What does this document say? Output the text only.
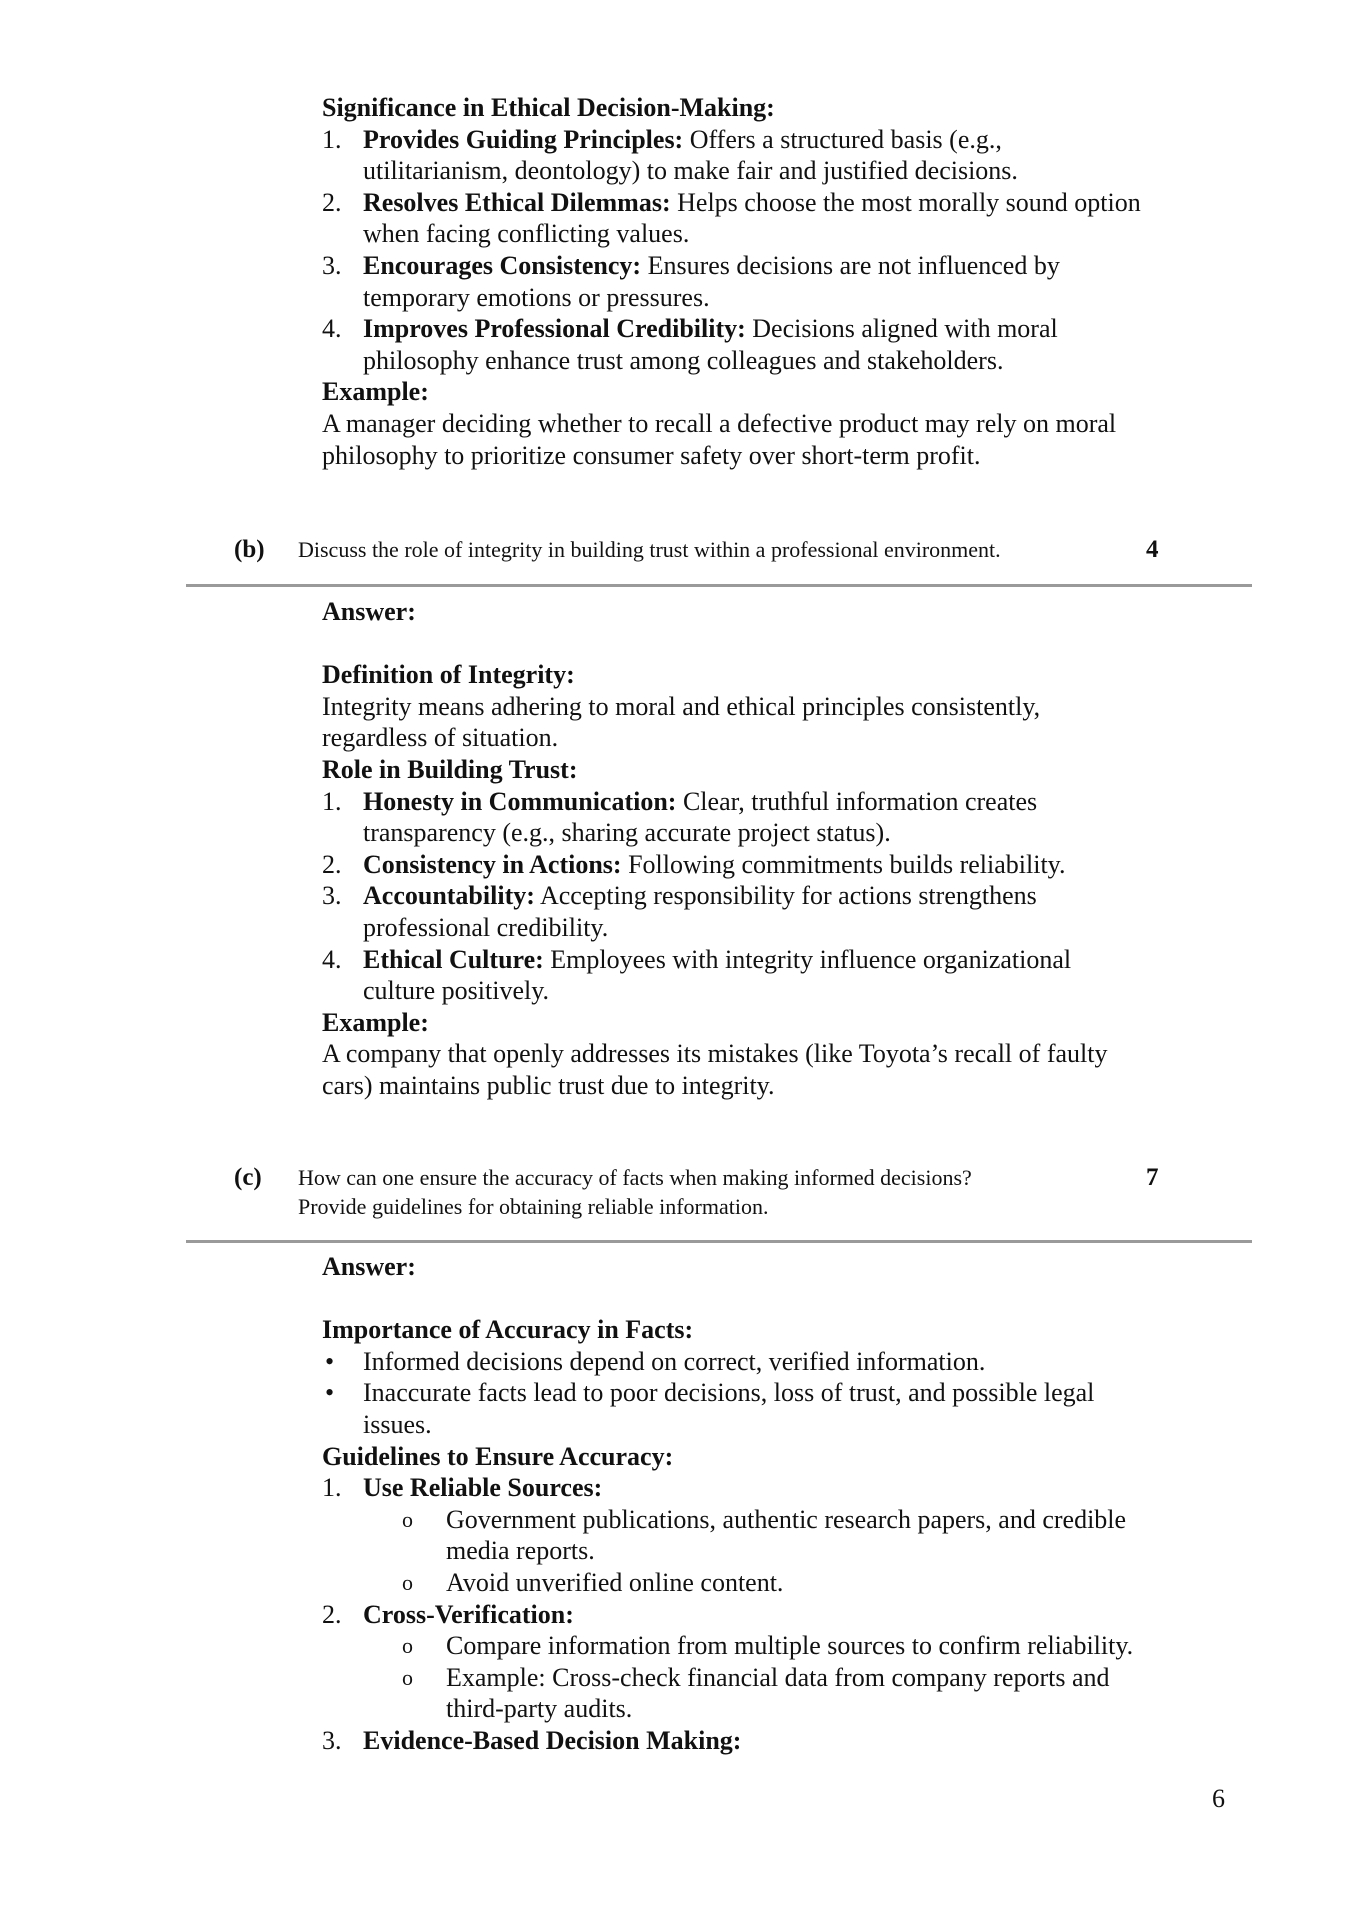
Significance in Ethical Decision-Making:

1. Provides Guiding Principles: Offers a structured basis (e.g., utilitarianism, deontology) to make fair and justified decisions.
2. Resolves Ethical Dilemmas: Helps choose the most morally sound option when facing conflicting values.
3. Encourages Consistency: Ensures decisions are not influenced by temporary emotions or pressures.
4. Improves Professional Credibility: Decisions aligned with moral philosophy enhance trust among colleagues and stakeholders.

Example:

A manager deciding whether to recall a defective product may rely on moral philosophy to prioritize consumer safety over short-term profit.

(b) Discuss the role of integrity in building trust within a professional environment.	4

Answer:

Definition of Integrity:

Integrity means adhering to moral and ethical principles consistently, regardless of situation.

Role in Building Trust:

1. Honesty in Communication: Clear, truthful information creates transparency (e.g., sharing accurate project status).
2. Consistency in Actions: Following commitments builds reliability.
3. Accountability: Accepting responsibility for actions strengthens professional credibility.
4. Ethical Culture: Employees with integrity influence organizational culture positively.

Example:

A company that openly addresses its mistakes (like Toyota’s recall of faulty cars) maintains public trust due to integrity.

(c) How can one ensure the accuracy of facts when making informed decisions?
Provide guidelines for obtaining reliable information.
7

Answer:

Importance of Accuracy in Facts:

•	Informed decisions depend on correct, verified information.
•	Inaccurate facts lead to poor decisions, loss of trust, and possible legal issues.

Guidelines to Ensure Accuracy:

1. Use Reliable Sources:
o	Government publications, authentic research papers, and credible media reports.
o	Avoid unverified online content.
2. Cross-Verification:
o	Compare information from multiple sources to confirm reliability.
o	Example: Cross-check financial data from company reports and third-party audits.
3. Evidence-Based Decision Making:
6
